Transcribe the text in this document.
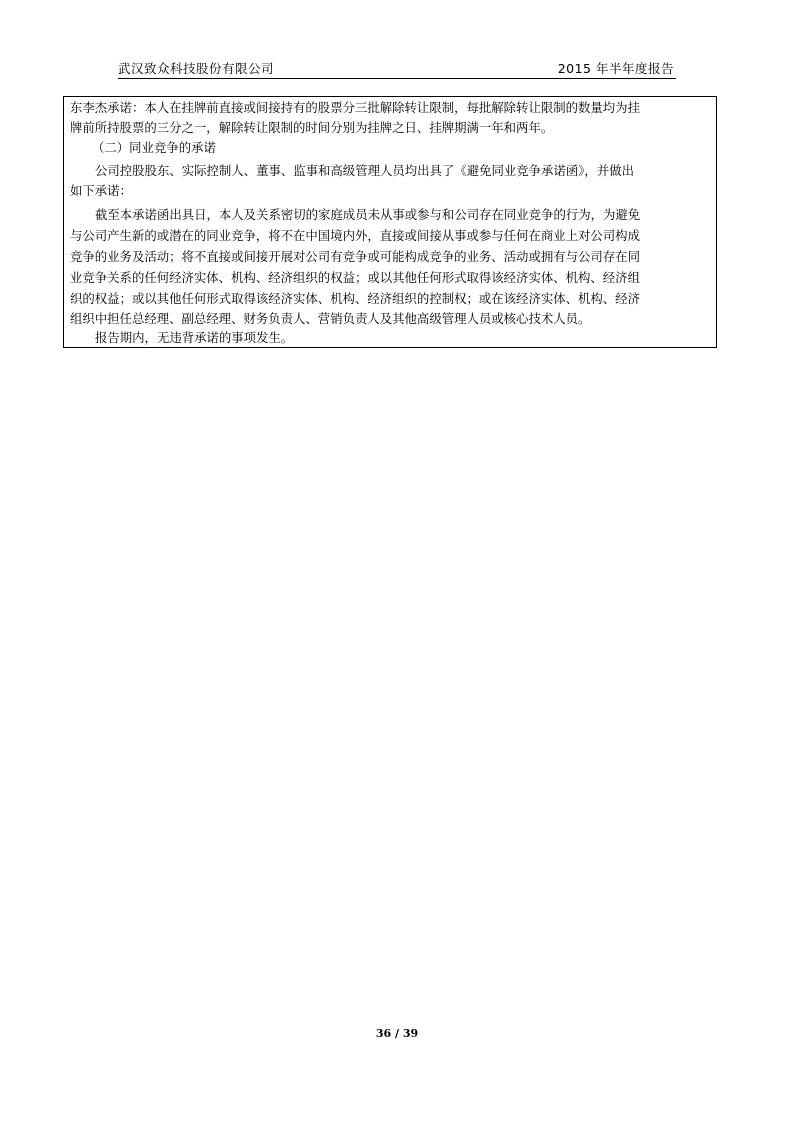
武汉致众科技股份有限公司	2015 年半年度报告
东李杰承诺：本人在挂牌前直接或间接持有的股票分三批解除转让限制，每批解除转让限制的数量均为挂
牌前所持股票的三分之一，解除转让限制的时间分别为挂牌之日、挂牌期满一年和两年。
（二）同业竞争的承诺
公司控股股东、实际控制人、董事、监事和高级管理人员均出具了《避免同业竞争承诺函》，并做出
如下承诺：
截至本承诺函出具日，本人及关系密切的家庭成员未从事或参与和公司存在同业竞争的行为，为避免
与公司产生新的或潜在的同业竞争，将不在中国境内外，直接或间接从事或参与任何在商业上对公司构成
竞争的业务及活动；将不直接或间接开展对公司有竞争或可能构成竞争的业务、活动或拥有与公司存在同
业竞争关系的任何经济实体、机构、经济组织的权益；或以其他任何形式取得该经济实体、机构、经济组
织的权益；或以其他任何形式取得该经济实体、机构、经济组织的控制权；或在该经济实体、机构、经济
组织中担任总经理、副总经理、财务负责人、营销负责人及其他高级管理人员或核心技术人员。
报告期内，无违背承诺的事项发生。
36 / 39
